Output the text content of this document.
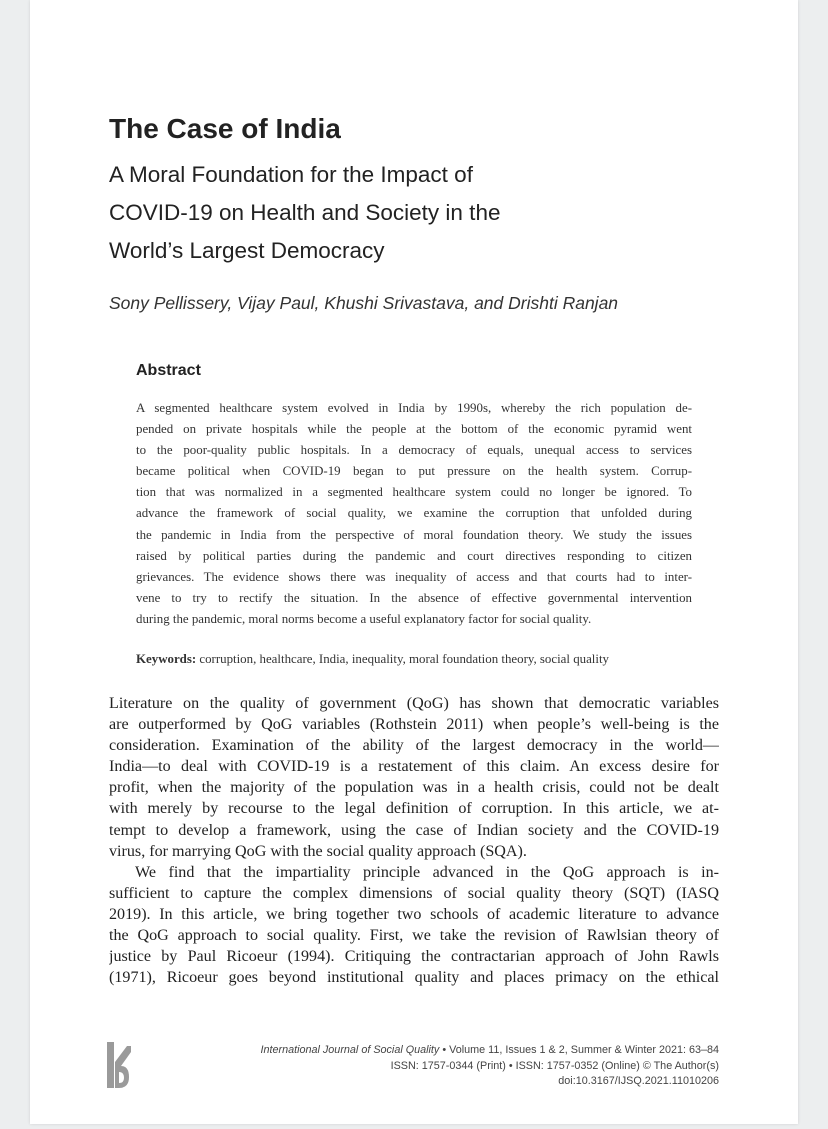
The Case of India
A Moral Foundation for the Impact of
COVID-19 on Health and Society in the
World’s Largest Democracy
Sony Pellissery, Vijay Paul, Khushi Srivastava, and Drishti Ranjan
Abstract
A segmented healthcare system evolved in India by 1990s, whereby the rich population de-
pended on private hospitals while the people at the bottom of the economic pyramid went
to the poor-quality public hospitals. In a democracy of equals, unequal access to services
became political when COVID-19 began to put pressure on the health system. Corrup-
tion that was normalized in a segmented healthcare system could no longer be ignored. To
advance the framework of social quality, we examine the corruption that unfolded during
the pandemic in India from the perspective of moral foundation theory. We study the issues
raised by political parties during the pandemic and court directives responding to citizen
grievances. The evidence shows there was inequality of access and that courts had to inter-
vene to try to rectify the situation. In the absence of effective governmental intervention
during the pandemic, moral norms become a useful explanatory factor for social quality.
Keywords: corruption, healthcare, India, inequality, moral foundation theory, social quality
Literature on the quality of government (QoG) has shown that democratic variables
are outperformed by QoG variables (Rothstein 2011) when people’s well-being is the
consideration. Examination of the ability of the largest democracy in the world—
India—to deal with COVID-19 is a restatement of this claim. An excess desire for
profit, when the majority of the population was in a health crisis, could not be dealt
with merely by recourse to the legal definition of corruption. In this article, we at-
tempt to develop a framework, using the case of Indian society and the COVID-19
virus, for marrying QoG with the social quality approach (SQA).
We find that the impartiality principle advanced in the QoG approach is in-
sufficient to capture the complex dimensions of social quality theory (SQT) (IASQ
2019). In this article, we bring together two schools of academic literature to advance
the QoG approach to social quality. First, we take the revision of Rawlsian theory of
justice by Paul Ricoeur (1994). Critiquing the contractarian approach of John Rawls
(1971), Ricoeur goes beyond institutional quality and places primacy on the ethical
International Journal of Social Quality • Volume 11, Issues 1 & 2, Summer & Winter 2021: 63–84
ISSN: 1757-0344 (Print) • ISSN: 1757-0352 (Online) © The Author(s)
doi:10.3167/IJSQ.2021.11010206
